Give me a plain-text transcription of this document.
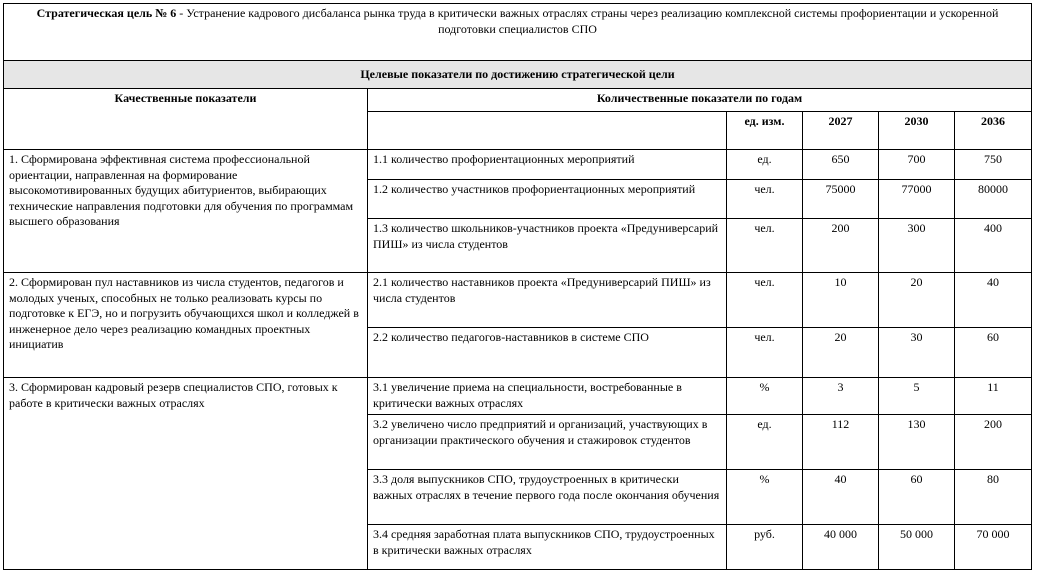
Стратегическая цель № 6 - Устранение кадрового дисбаланса рынка труда в критически важных отраслях страны через реализацию комплексной системы профориентации и ускоренной подготовки специалистов СПО					
Целевые показатели по достижению стратегической цели					
Качественные показатели	Количественные показатели по годам				
		ед. изм.	2027	2030	2036
1. Сформирована эффективная система профессиональной ориентации, направленная на формирование высокомотивированных будущих абитуриентов, выбирающих технические направления подготовки для обучения по программам высшего образования	1.1 количество профориентационных мероприятий	ед.	650	700	750
	1.2 количество участников профориентационных мероприятий	чел.	75000	77000	80000
	1.3 количество школьников-участников проекта «Предуниверсарий ПИШ» из числа студентов	чел.	200	300	400
2. Сформирован пул наставников из числа студентов, педагогов и молодых ученых, способных не только реализовать курсы по подготовке к ЕГЭ, но и погрузить обучающихся школ и колледжей в инженерное дело через реализацию командных проектных инициатив	2.1 количество наставников проекта «Предуниверсарий ПИШ» из числа студентов	чел.	10	20	40
	2.2 количество педагогов-наставников в системе СПО	чел.	20	30	60
3. Сформирован кадровый резерв специалистов СПО, готовых к работе в критически важных отраслях	3.1 увеличение приема на специальности, востребованные в критически важных отраслях	%	3	5	11
	3.2 увеличено число предприятий и организаций, участвующих в организации практического обучения и стажировок студентов	ед.	112	130	200
	3.3 доля выпускников СПО, трудоустроенных в критически важных отраслях в течение первого года после окончания обучения	%	40	60	80
	3.4 средняя заработная плата выпускников СПО, трудоустроенных в критически важных отраслях	руб.	40 000	50 000	70 000
